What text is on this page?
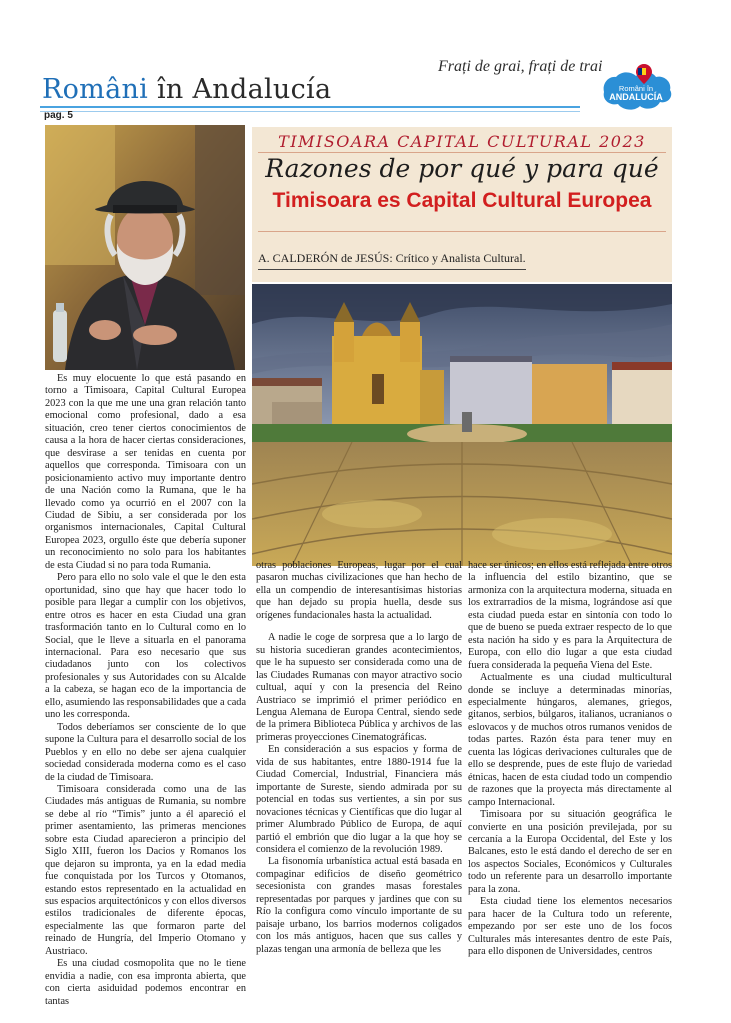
Români în Andalucía
Frați de grai, frați de trai
pag. 5
Români în
ANDALUCÍA
TIMISOARA CAPITAL CULTURAL 2023
Razones de por qué y para qué
Timisoara es Capital Cultural Europea
A. CALDERÓN de JESÚS: Crítico y Analista Cultural.

Es muy elocuente lo que está pasando en torno a Timisoara, Capital Cultural Europea 2023 con la que me une una gran relación tanto emocional como profesional, dado a esa situación, creo tener ciertos conocimientos de causa a la hora de hacer ciertas consideraciones, que desvirase a ser tenidas en cuenta por aquellos que corresponda. Timisoara con un posicionamiento activo muy importante dentro de una Nación como la Rumana, que le ha llevado como ya ocurrió en el 2007 con la Ciudad de Sibiu, a ser considerada por los organismos internacionales, Capital Cultural Europea 2023, orgullo éste que debería suponer un reconocimiento no solo para los habitantes de esta Ciudad si no para toda Rumania.

Pero para ello no solo vale el que le den esta oportunidad, sino que hay que hacer todo lo posible para llegar a cumplir con los objetivos, entre otros es hacer en esta Ciudad una gran trasformación tanto en lo Cultural como en lo Social, que le lleve a situarla en el panorama internacional. Para eso necesario que sus ciudadanos junto con los colectivos profesionales y sus Autoridades con su Alcalde a la cabeza, se hagan eco de la importancia de ello, asumiendo las responsabilidades que a cada uno les corresponda.

Todos deberíamos ser consciente de lo que supone la Cultura para el desarrollo social de los Pueblos y en ello no debe ser ajena cualquier sociedad considerada moderna como es el caso de la ciudad de Timisoara.

Timisoara considerada como una de las Ciudades más antiguas de Rumania, su nombre se debe al río “Timis” junto a él apareció el primer asentamiento, las primeras menciones sobre esta Ciudad aparecieron a principio del Siglo XIII, fueron los Dacios y Romanos los que dejaron su impronta, ya en la edad media fue conquistada por los Turcos y Otomanos, estando estos representado en la actualidad en sus espacios arquitectónicos y con ellos diversos estilos tradicionales de diferente épocas, especialmente las que formaron parte del reinado de Hungría, del Imperio Otomano y Austriaco.

Es una ciudad cosmopolita que no le tiene envidia a nadie, con esa impronta abierta, que con cierta asiduidad podemos encontrar en tantas

otras poblaciones Europeas, lugar por el cual pasaron muchas civilizaciones que han hecho de ella un compendio de interesantísimas historias que han dejado su propia huella, desde sus orígenes fundacionales hasta la actualidad.

A nadie le coge de sorpresa que a lo largo de su historia sucedieran grandes acontecimientos, que le ha supuesto ser considerada como una de las Ciudades Rumanas con mayor atractivo socio cultual, aquí y con la presencia del Reino Austriaco se imprimió el primer periódico en Lengua Alemana de Europa Central, siendo sede de la primera Biblioteca Pública y archivos de las primeras proyecciones Cinematográficas.

En consideración a sus espacios y forma de vida de sus habitantes, entre 1880-1914 fue la Ciudad Comercial, Industrial, Financiera más importante de Sureste, siendo admirada por su potencial en todas sus vertientes, a sin por sus novaciones técnicas y Científicas que dio lugar al primer Alumbrado Público de Europa, de aquí partió el embrión que dio lugar a la que hoy se considera el comienzo de la revolución 1989.

La fisonomía urbanística actual está basada en compaginar edificios de diseño geométrico secesionista con grandes masas forestales representadas por parques y jardines que con su Río la configura como vínculo importante de su paisaje urbano, los barrios modernos coligados con los más antiguos, hacen que sus calles y plazas tengan una armonía de belleza que les

hace ser únicos; en ellos está reflejada entre otros la influencia del estilo bizantino, que se armoniza con la arquitectura moderna, situada en los extrarradios de la misma, lográndose así que esta ciudad pueda estar en sintonía con todo lo que de bueno se pueda extraer respecto de lo que esta nación ha sido y es para la Arquitectura de Europa, con ello dio lugar a que esta ciudad fuera considerada la pequeña Viena del Este.

Actualmente es una ciudad multicultural donde se incluye a determinadas minorías, especialmente húngaros, alemanes, griegos, gitanos, serbios, búlgaros, italianos, ucranianos o eslovacos y de muchos otros rumanos venidos de todas partes. Razón ésta para tener muy en cuenta las lógicas derivaciones culturales que de ello se desprende, pues de este flujo de variedad étnicas, hacen de esta ciudad todo un compendio de razones que la proyecta más directamente al campo Internacional.

Timisoara por su situación geográfica le convierte en una posición previlejada, por su cercanía a la Europa Occidental, del Este y los Balcanes, esto le está dando el derecho de ser en los aspectos Sociales, Económicos y Culturales todo un referente para un desarrollo importante para la zona.

Esta ciudad tiene los elementos necesarios para hacer de la Cultura todo un referente, empezando por ser este uno de los focos Culturales más interesantes dentro de este País, para ello disponen de Universidades, centros
